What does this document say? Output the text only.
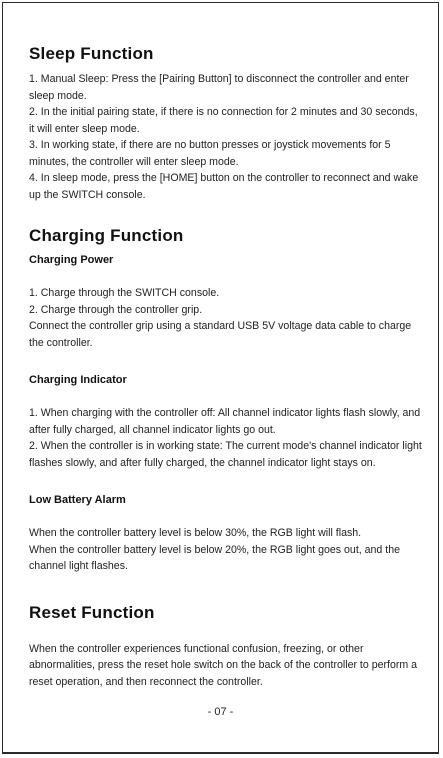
Sleep Function

1. Manual Sleep: Press the [Pairing Button] to disconnect the controller and enter sleep mode.

2. In the initial pairing state, if there is no connection for 2 minutes and 30 seconds, it will enter sleep mode.

3. In working state, if there are no button presses or joystick movements for 5 minutes, the controller will enter sleep mode.

4. In sleep mode, press the [HOME] button on the controller to reconnect and wake up the SWITCH console.

Charging Function
Charging Power

1. Charge through the SWITCH console.

2. Charge through the controller grip.

Connect the controller grip using a standard USB 5V voltage data cable to charge the controller.

Charging Indicator

1. When charging with the controller off: All channel indicator lights flash slowly, and after fully charged, all channel indicator lights go out.

2. When the controller is in working state: The current mode's channel indicator light flashes slowly, and after fully charged, the channel indicator light stays on.

Low Battery Alarm

When the controller battery level is below 30%, the RGB light will flash.

When the controller battery level is below 20%, the RGB light goes out, and the channel light flashes.

Reset Function

When the controller experiences functional confusion, freezing, or other abnormalities, press the reset hole switch on the back of the controller to perform a reset operation, and then reconnect the controller.

- 07 -
